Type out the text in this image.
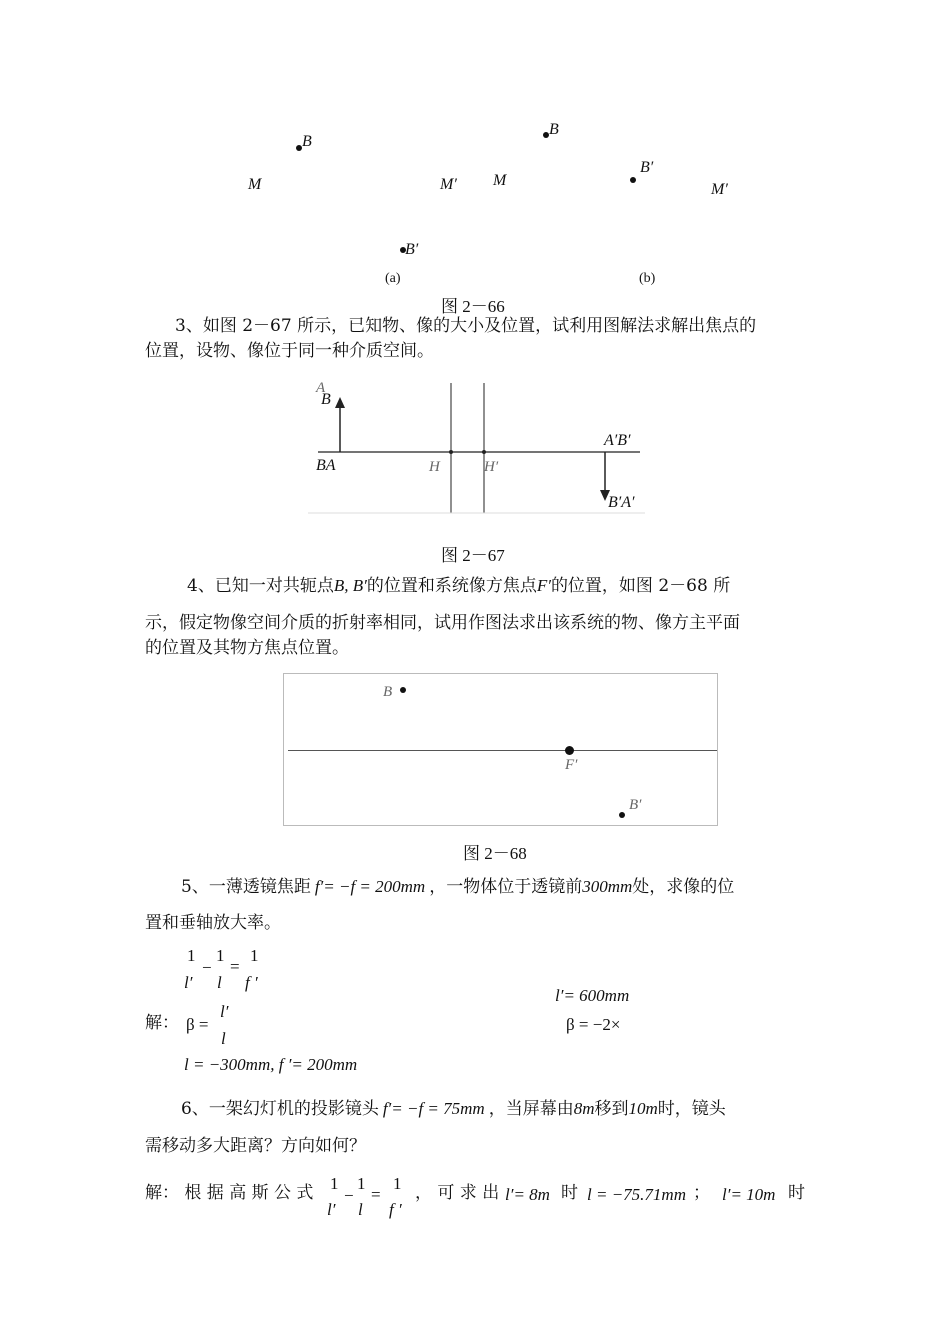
B
M	M′
B′
(a)
B
M
B′
M′
(b)
图 2－66
3、如图 2－67 所示，已知物、像的大小及位置，试利用图解法求解出焦点的
位置，设物、像位于同一种介质空间。
A
B
BA	H	H′
A′B′
B′A′
图 2－67
4、已知一对共轭点B, B′的位置和系统像方焦点F′的位置，如图 2－68 所
示，假定物像空间介质的折射率相同，试用作图法求出该系统的物、像方主平面
的位置及其物方焦点位置。
B
F′
B′
图 2－68
5、一薄透镜焦距 f′= −f = 200mm ，一物体位于透镜前300mm处，求像的位
置和垂轴放大率。
1
l′
−
1
l
=
1
f ′
解： β =
l′
l
l = −300mm, f ′= 200mm
l′= 600mm
β = −2×
6、一架幻灯机的投影镜头 f′= −f = 75mm ，当屏幕由8m移到10m时，镜头
需移动多大距离？方向如何？
解： 根 据 高 斯 公 式 1
l′
−
1
l
=
1
f ′
， 可 求 出 l′= 8m 时 l = −75.71mm ； l′= 10m 时
